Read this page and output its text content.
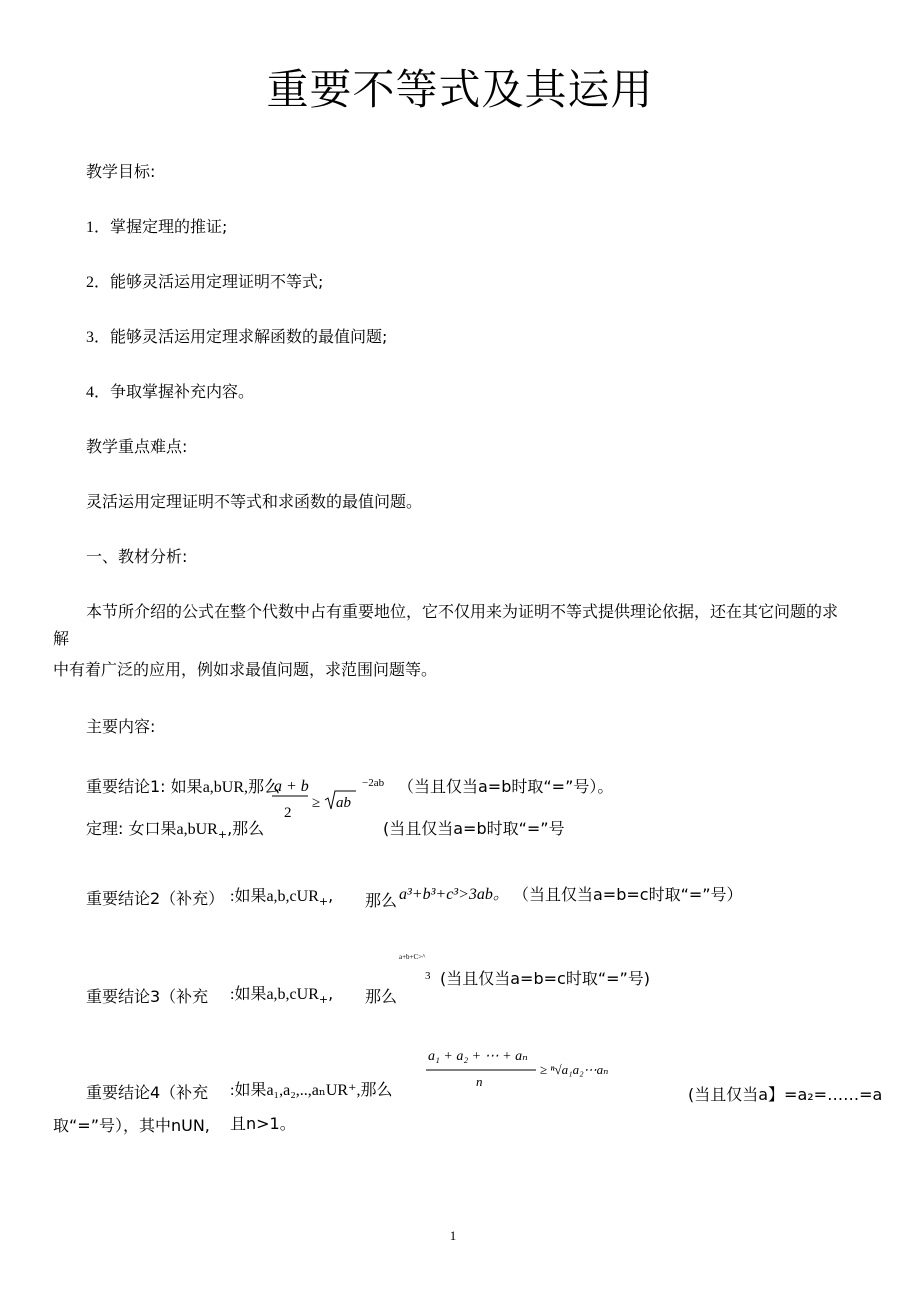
重要不等式及其运用
教学目标:
1．掌握定理的推证;
2．能够灵活运用定理证明不等式;
3．能够灵活运用定理求解函数的最值问题;
4．争取掌握补充内容。
教学重点难点:
灵活运用定理证明不等式和求函数的最值问题。
一、教材分析:
本节所介绍的公式在整个代数中占有重要地位，它不仅用来为证明不等式提供理论依据，还在其它问题的求
解
中有着广泛的应用，例如求最值问题，求范围问题等。
主要内容:
重要结论1: 如果a,bUR,那么
a + b
2
≥ ab
−2ab （当且仅当a=b时取“=”号）。
定理: 女口果a,bUR$_+$,那么	(当且仅当a=b时取“=”号
重要结论2（补充） :如果a,b,cUR$_+$, 那么 a³+b³+c³>3ab。 （当且仅当a=b=c时取“=”号）
a+b+C>^
3 (当且仅当a=b=c时取“=”号)
重要结论3（补充 :如果a,b,cUR$_+$, 那么
a₁ + a₂ + ⋯ + aₙ
n
≥ ⁿ√a₁a₂⋯aₙ
重要结论4（补充 :如果a₁,a₂,..,aₙUR⁺,那么	(当且仅当a】=a₂=……=a
取“=”号），其中nUN, 且n>1。
1
